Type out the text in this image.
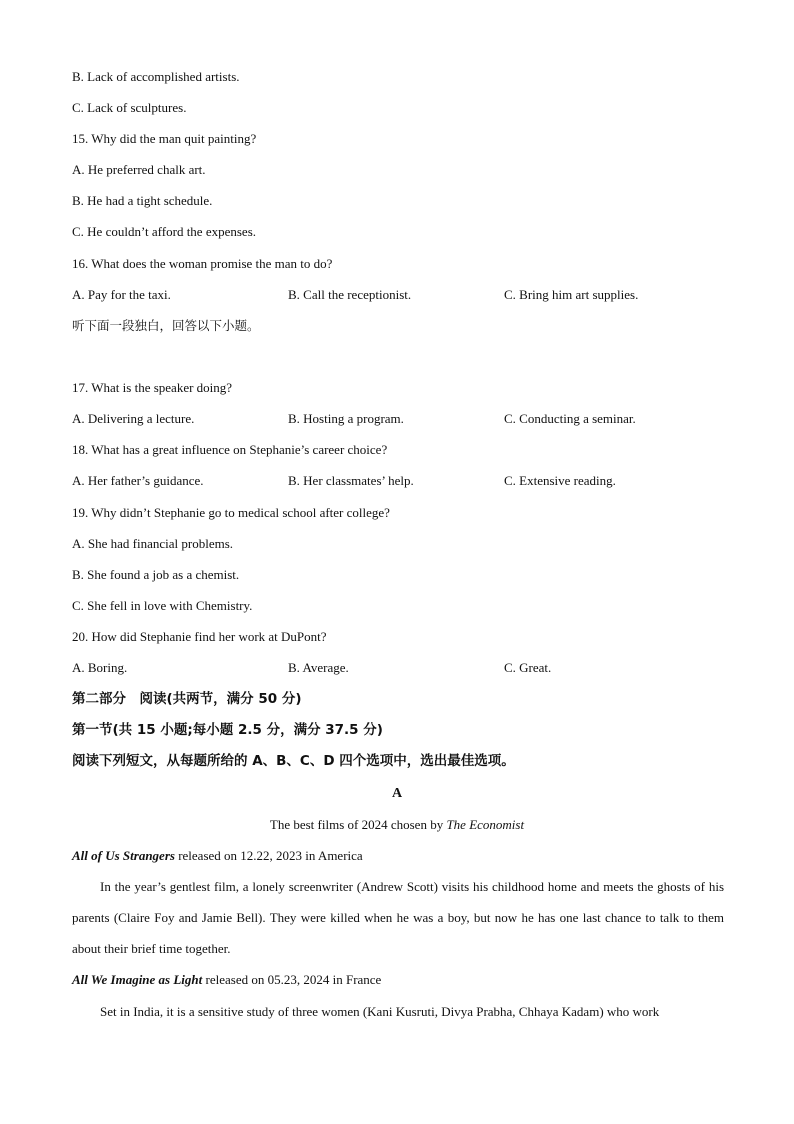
B. Lack of accomplished artists.
C. Lack of sculptures.
15. Why did the man quit painting?
A. He preferred chalk art.
B. He had a tight schedule.
C. He couldn’t afford the expenses.
16. What does the woman promise the man to do?
A. Pay for the taxi.	B. Call the receptionist.	C. Bring him art supplies.
听下面一段独白，回答以下小题。
17. What is the speaker doing?
A. Delivering a lecture.	B. Hosting a program.	C. Conducting a seminar.
18. What has a great influence on Stephanie’s career choice?
A. Her father’s guidance.	B. Her classmates’ help.	C. Extensive reading.
19. Why didn’t Stephanie go to medical school after college?
A. She had financial problems.
B. She found a job as a chemist.
C. She fell in love with Chemistry.
20. How did Stephanie find her work at DuPont?
A. Boring.	B. Average.	C. Great.
第二部分　阅读(共两节，满分 50 分)
第一节(共 15 小题;每小题 2.5 分，满分 37.5 分)
阅读下列短文，从每题所给的 A、B、C、D 四个选项中，选出最佳选项。
A
The best films of 2024 chosen by The Economist
All of Us Strangers released on 12.22, 2023 in America
In the year’s gentlest film, a lonely screenwriter (Andrew Scott) visits his childhood home and meets the ghosts of his parents (Claire Foy and Jamie Bell). They were killed when he was a boy, but now he has one last chance to talk to them about their brief time together.
All We Imagine as Light released on 05.23, 2024 in France
Set in India, it is a sensitive study of three women (Kani Kusruti, Divya Prabha, Chhaya Kadam) who work
